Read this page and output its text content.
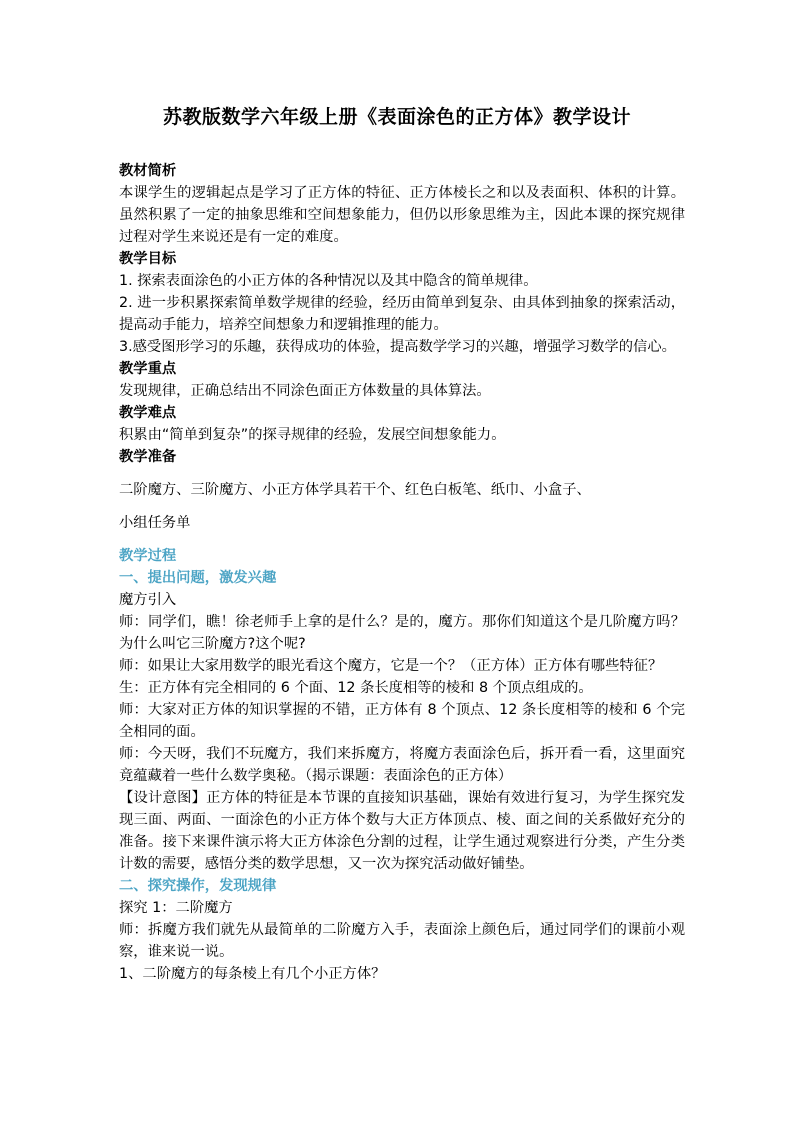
苏教版数学六年级上册《表面涂色的正方体》教学设计

教材简析

本课学生的逻辑起点是学习了正方体的特征、正方体棱长之和以及表面积、体积的计算。虽然积累了一定的抽象思维和空间想象能力，但仍以形象思维为主，因此本课的探究规律过程对学生来说还是有一定的难度。

教学目标

1. 探索表面涂色的小正方体的各种情况以及其中隐含的简单规律。

2. 进一步积累探索简单数学规律的经验，经历由简单到复杂、由具体到抽象的探索活动，提高动手能力，培养空间想象力和逻辑推理的能力。

3.感受图形学习的乐趣，获得成功的体验，提高数学学习的兴趣，增强学习数学的信心。

教学重点

发现规律，正确总结出不同涂色面正方体数量的具体算法。

教学难点

积累由“简单到复杂”的探寻规律的经验，发展空间想象能力。

教学准备

二阶魔方、三阶魔方、小正方体学具若干个、红色白板笔、纸巾、小盒子、

小组任务单

教学过程

一、提出问题，激发兴趣

魔方引入

师：同学们，瞧！徐老师手上拿的是什么？是的，魔方。那你们知道这个是几阶魔方吗？为什么叫它三阶魔方?这个呢?

师：如果让大家用数学的眼光看这个魔方，它是一个？（正方体）正方体有哪些特征？

生：正方体有完全相同的 6 个面、12 条长度相等的棱和 8 个顶点组成的。

师：大家对正方体的知识掌握的不错，正方体有 8 个顶点、12 条长度相等的棱和 6 个完全相同的面。

师：今天呀，我们不玩魔方，我们来拆魔方，将魔方表面涂色后，拆开看一看，这里面究竟蕴藏着一些什么数学奥秘。（揭示课题：表面涂色的正方体）

【设计意图】正方体的特征是本节课的直接知识基础，课始有效进行复习，为学生探究发现三面、两面、一面涂色的小正方体个数与大正方体顶点、棱、面之间的关系做好充分的准备。接下来课件演示将大正方体涂色分割的过程，让学生通过观察进行分类，产生分类计数的需要，感悟分类的数学思想，又一次为探究活动做好铺垫。

二、探究操作，发现规律

探究 1：二阶魔方

师：拆魔方我们就先从最简单的二阶魔方入手，表面涂上颜色后，通过同学们的课前小观察，谁来说一说。

1、二阶魔方的每条棱上有几个小正方体？
